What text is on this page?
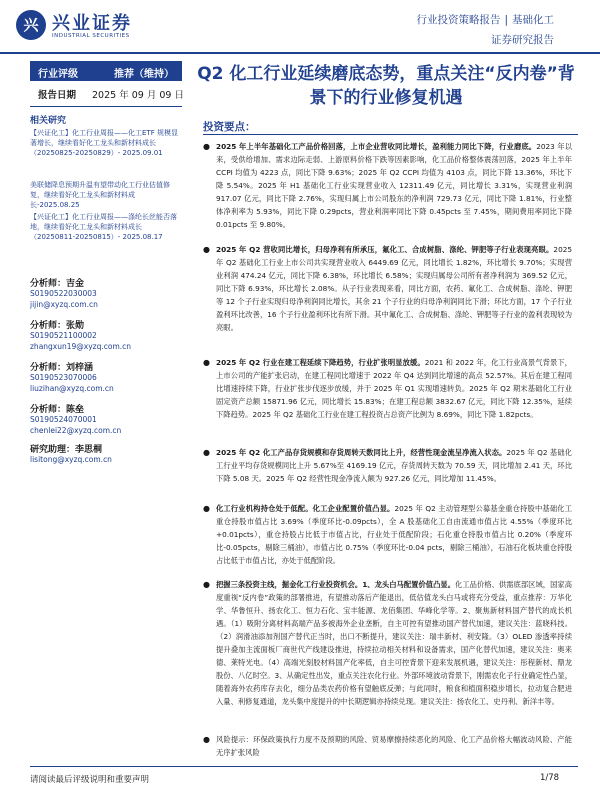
兴 兴业证券
INDUSTRIAL SECURITIES
行业投资策略报告 | 基础化工
证券研究报告
行业评级	推荐（维持）
报告日期 2025 年 09 月 09 日
相关研究
【兴证化工】化工行业周报——化工ETF 规模显著增长，继续看好化工龙头和新材料成长（20250825-20250829）- 2025.09.01
美联储降息预期升温有望带动化工行业估值修复，继续看好化工龙头和新材料成长-2025.08.25
【兴证化工】化工行业周报——涤纶长丝能否落地，继续看好化工龙头和新材料成长（20250811-20250815）- 2025.08.17
分析师：吉金
S0190522030003
jijin@xyzq.com.cn
分析师：张勋
S0190521100002
zhangxun19@xyzq.com.cn
分析师：刘梓涵
S0190523070006
liuzihan@xyzq.com.cn
分析师：陈垒
S0190524070001
chenlei22@xyzq.com.cn
研究助理：李思桐
lisitong@xyzq.com.cn
Q2 化工行业延续磨底态势，重点关注“反内卷”背景下的行业修复机遇
投资要点：
● 2025 年上半年基础化工产品价格回落，上市企业营收同比增长，盈利能力同比下降，行业磨底。2023 年以来，受供给增加、需求边际走弱、上游原料价格下跌等因素影响，化工品价格整体震荡回落，2025 年上半年 CCPI 均值为 4223 点，同比下降 9.63%；2025 年 Q2 CCPI 均值为 4103 点，同比下降 13.36%，环比下降 5.54%。2025 年 H1 基础化工行业实现营业收入 12311.49 亿元，同比增长 3.31%，实现营业利润 917.07 亿元，同比下降 2.76%，实现归属上市公司股东的净利润 729.73 亿元，同比下降 1.81%，行业整体净利率为 5.93%，同比下降 0.29pcts，营业利润率同比下降 0.45pcts 至 7.45%，期间费用率同比下降 0.01pcts 至 9.80%。
● 2025 年 Q2 营收同比增长，归母净利有所承压，氟化工、合成树脂、涤纶、钾肥等子行业表现亮眼。2025 年 Q2 基础化工行业上市公司共实现营业收入 6449.69 亿元，同比增长 1.82%，环比增长 9.70%；实现营业利润 474.24 亿元，同比下降 6.38%，环比增长 6.58%；实现归属母公司所有者净利润为 369.52 亿元，同比下降 6.93%，环比增长 2.08%。从子行业表现来看，同比方面，农药、氟化工、合成树脂、涤纶、钾肥等 12 个子行业实现归母净利润同比增长，其余 21 个子行业的归母净利润同比下滑；环比方面，17 个子行业盈利环比改善，16 个子行业盈利环比有所下滑。其中氟化工、合成树脂、涤纶、钾肥等子行业的盈利表现较为亮眼。
● 2025 年 Q2 行业在建工程延续下降趋势，行业扩张明显放缓。2021 和 2022 年，化工行业高景气背景下，上市公司的产能扩张启动，在建工程同比增速于 2022 年 Q4 达到同比增速的高点 52.57%。其后在建工程同比增速持续下降，行业扩张步伐逐步放缓，并于 2025 年 Q1 实现增速转负。2025 年 Q2 期末基础化工行业固定资产总额 15871.96 亿元，同比增长 15.83%；在建工程总额 3832.67 亿元，同比下降 12.35%，延续下降趋势。2025 年 Q2 基础化工行业在建工程投资占总资产比例为 8.69%，同比下降 1.82pcts。
● 2025 年 Q2 化工产品存货规模和存货周转天数同比上升，经营性现金流呈净流入状态。2025 年 Q2 基础化工行业平均存货规模同比上升 5.67%至 4169.19 亿元，存货周转天数为 70.59 天，同比增加 2.41 天，环比下降 5.08 天。2025 年 Q2 经营性现金净流入额为 927.26 亿元，同比增加 11.45%。
● 化工行业机构持仓处于低配。化工企业配置价值凸显。2025 年 Q2 主动管理型公募基金重仓持股中基础化工重仓持股市值占比 3.69%（季度环比-0.09pcts），全 A 股基础化工自由流通市值占比 4.55%（季度环比+0.01pcts），重仓持股占比低于市值占比，行业处于低配阶段；石化重仓持股市值占比 0.20%（季度环比-0.05pcts，剔除三桶油），市值占比 0.75%（季度环比-0.04 pcts，剔除三桶油），石油石化板块重仓持股占比低于市值占比，亦处于低配阶段。
● 把握三条投资主线，掘金化工行业投资机会。1、龙头白马配置价值凸显。化工品价格、供需底部区域，国家高度重视“反内卷”政策的部署推进，有望推动落后产能退出，低估值龙头白马或将充分受益，重点推荐：万华化学、华鲁恒升、扬农化工、恒力石化、宝丰能源、龙佰集团、华峰化学等。2、聚焦新材料国产替代的成长机遇。（1）吸附分离材料高端产品多被海外企业垄断，自主可控有望推动国产替代加速，建议关注：蓝晓科技。（2）润滑油添加剂国产替代正当时，出口不断提升，建议关注：瑞丰新材、利安隆。（3）OLED 渗透率持续提升叠加主流面板厂商世代产线建设推进，持续拉动相关材料和设备需求，国产化替代加速，建议关注：奥来德、莱特光电。（4）高端光刻胶材料国产化率低，自主可控背景下迎来发展机遇，建议关注：彤程新材、鼎龙股份、八亿时空。3、从确定性出发，重点关注农化行业。外部环境波动背景下，刚需农化子行业确定性凸显，随着海外农药库存去化，细分品类农药价格有望触底反弹；与此同时，粮食和植面积稳步增长，拉动复合肥进入量、利修复通道，龙头集中度提升的中长期逻辑亦持续兑现。建议关注：扬农化工、史丹利、新洋丰等。
● 风险提示：环保政策执行力度不及预期的风险、贸易摩擦持续恶化的风险、化工产品价格大幅波动风险、产能无序扩张风险
请阅读最后评级说明和重要声明	1/78
